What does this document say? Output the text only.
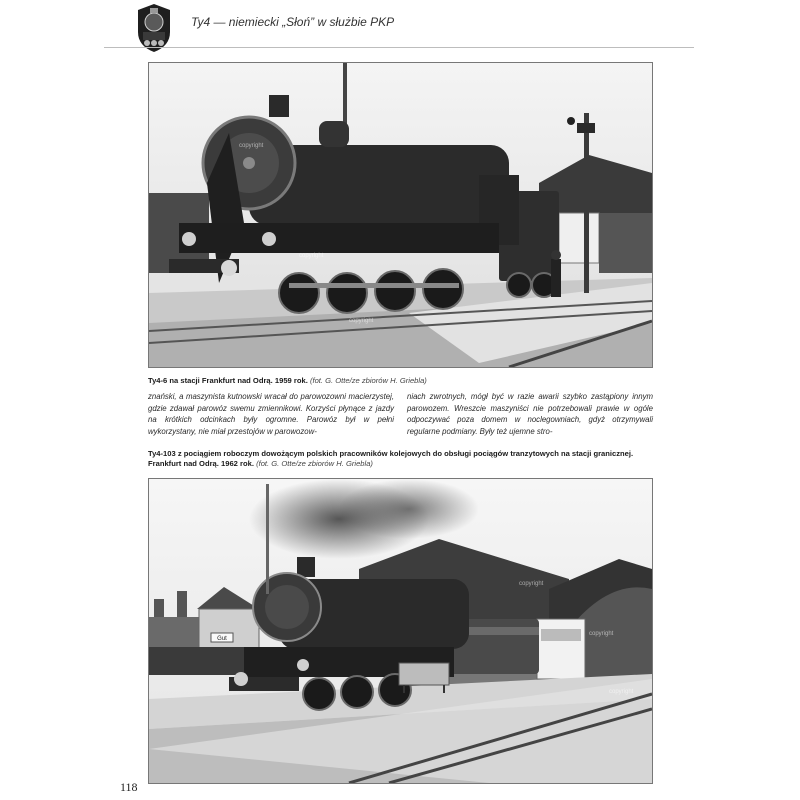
Ty4 — niemiecki „Słoń” w służbie PKP
copyright
copyright
copyright
Ty4-6 na stacji Frankfurt nad Odrą. 1959 rok. (fot. G. Otte/ze zbiorów H. Griebla)
znański, a maszynista kutnowski wracał do parowozowni macierzystej, gdzie zdawał parowóz swemu zmiennikowi. Korzyści płynące z jazdy na krótkich odcinkach były ogromne. Parowóz był w pełni wykorzystany, nie miał przestojów w parowozow-
niach zwrotnych, mógł być w razie awarii szybko zastąpiony innym parowozem. Wreszcie maszyniści nie potrzebowali prawie w ogóle odpoczywać poza domem w noclegowniach, gdyż otrzymywali regularne podmiany. Były też ujemne stro-
Ty4-103 z pociągiem roboczym dowożącym polskich pracowników kolejowych do obsługi pociągów tranzytowych na stacji granicznej. Frankfurt nad Odrą. 1962 rok. (fot. G. Otte/ze zbiorów H. Griebla)
Gut
copyright
copyright
copyright
118
